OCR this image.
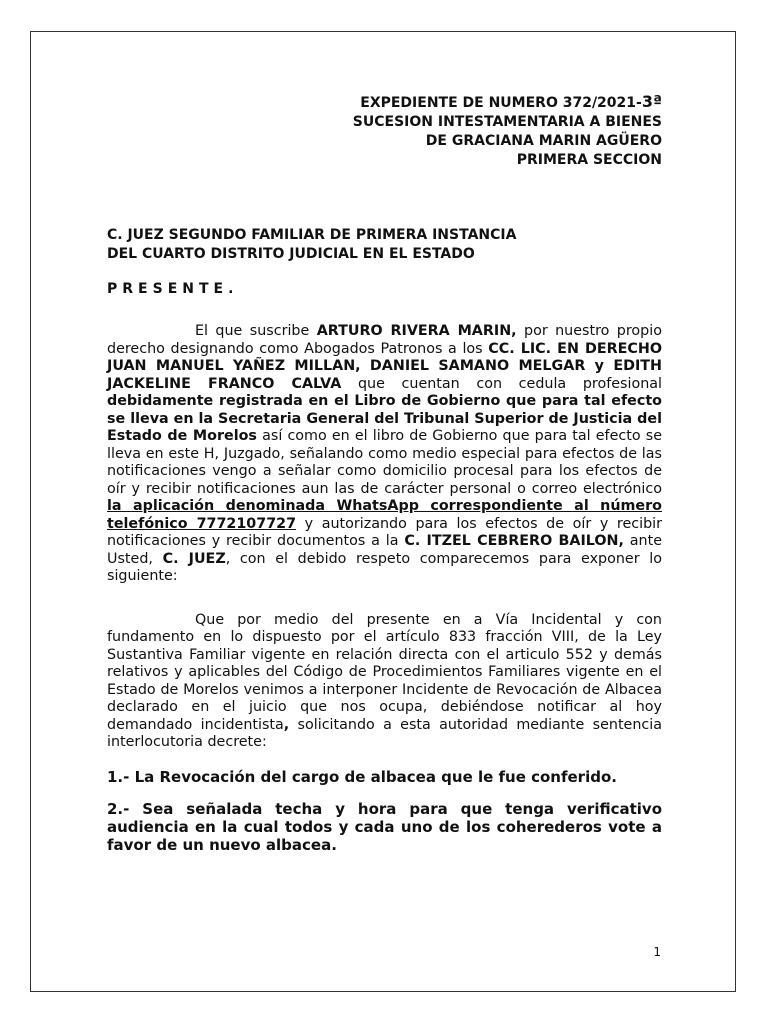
EXPEDIENTE DE NUMERO 372/2021-3ª
SUCESION INTESTAMENTARIA A BIENES
DE GRACIANA MARIN AGÜERO
PRIMERA SECCION
C. JUEZ SEGUNDO FAMILIAR DE PRIMERA INSTANCIA
DEL CUARTO DISTRITO JUDICIAL EN EL ESTADO
PRESENTE.

El que suscribe ARTURO RIVERA MARIN, por nuestro propio derecho designando como Abogados Patronos a los CC. LIC. EN DERECHO JUAN MANUEL YAÑEZ MILLAN, DANIEL SAMANO MELGAR y EDITH JACKELINE FRANCO CALVA que cuentan con cedula profesional debidamente registrada en el Libro de Gobierno que para tal efecto se lleva en la Secretaria General del Tribunal Superior de Justicia del Estado de Morelos así como en el libro de Gobierno que para tal efecto se lleva en este H, Juzgado, señalando como medio especial para efectos de las notificaciones vengo a señalar como domicilio procesal para los efectos de oír y recibir notificaciones aun las de carácter personal o correo electrónico la aplicación denominada WhatsApp correspondiente al número telefónico 7772107727 y autorizando para los efectos de oír y recibir notificaciones y recibir documentos a la C. ITZEL CEBRERO BAILON, ante Usted, C. JUEZ, con el debido respeto comparecemos para exponer lo siguiente:

Que por medio del presente en a Vía Incidental y con fundamento en lo dispuesto por el artículo 833 fracción VIII, de la Ley Sustantiva Familiar vigente en relación directa con el articulo 552 y demás relativos y aplicables del Código de Procedimientos Familiares vigente en el Estado de Morelos venimos a interponer Incidente de Revocación de Albacea declarado en el juicio que nos ocupa, debiéndose notificar al hoy demandado incidentista, solicitando a esta autoridad mediante sentencia interlocutoria decrete:

1.- La Revocación del cargo de albacea que le fue conferido.

2.- Sea señalada techa y hora para que tenga verificativo audiencia en la cual todos y cada uno de los coherederos vote a favor de un nuevo albacea.

1
